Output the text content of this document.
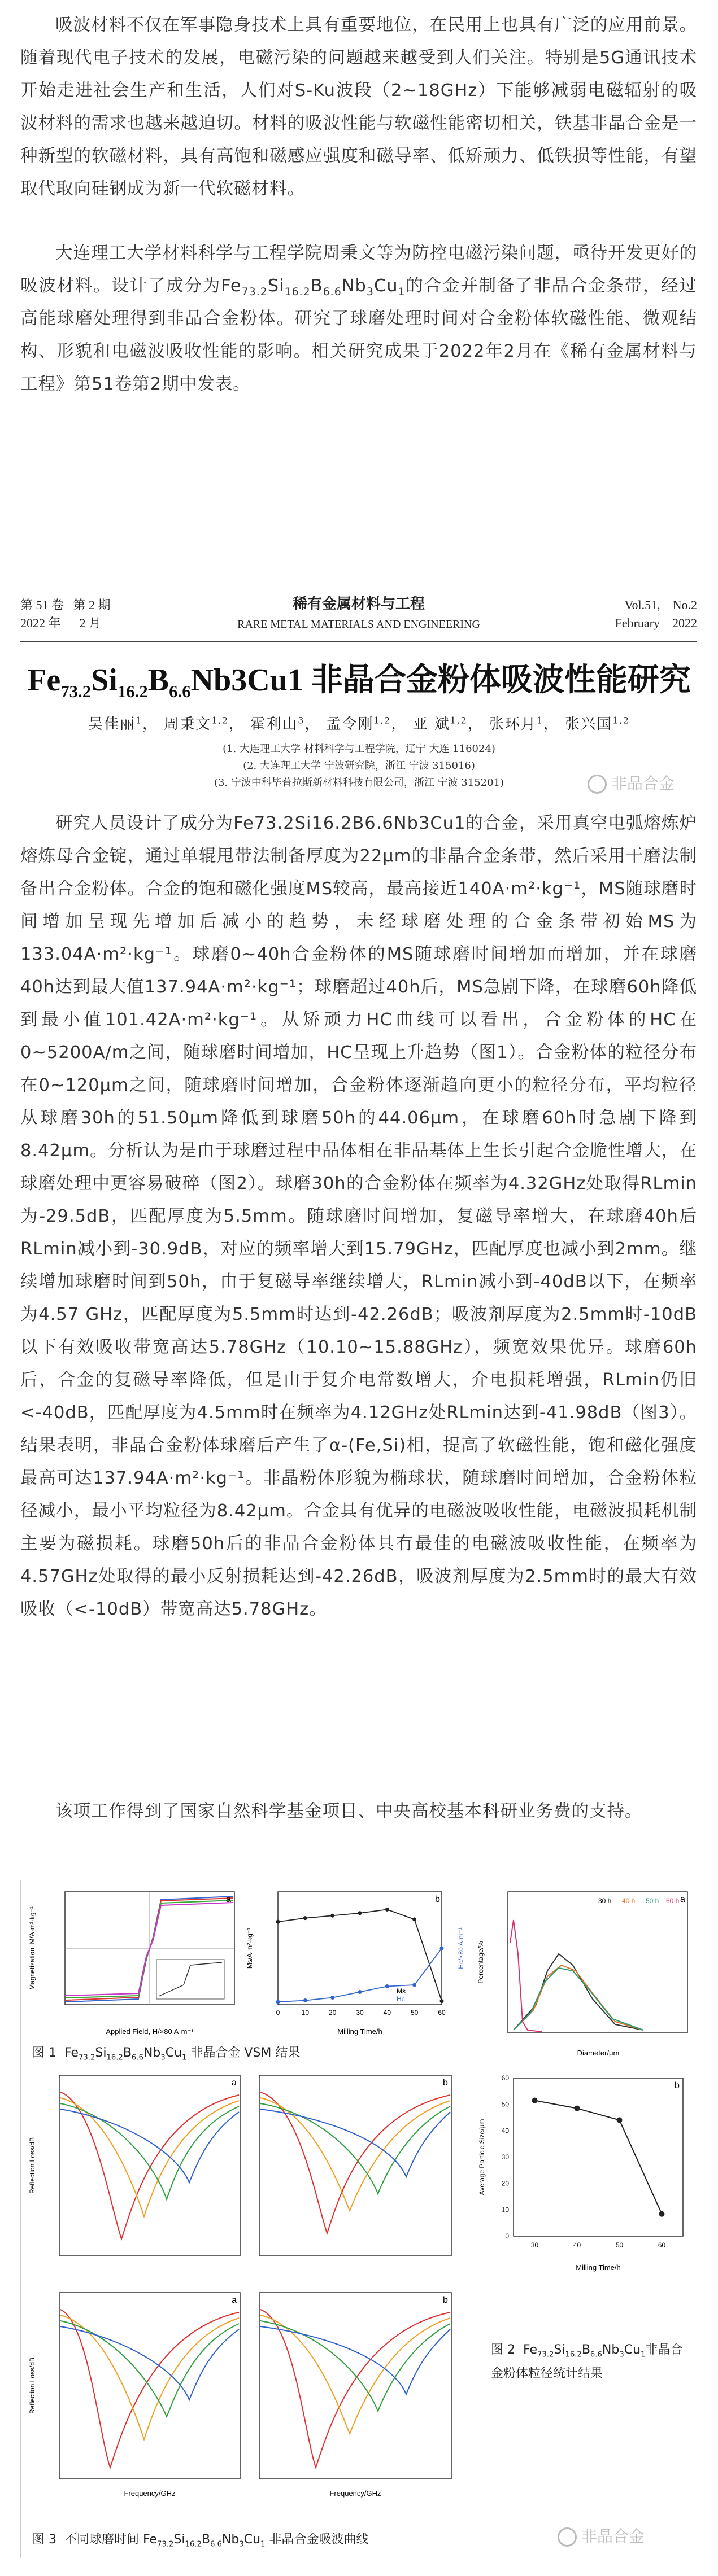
吸波材料不仅在军事隐身技术上具有重要地位，在民用上也具有广泛的应用前景。随着现代电子技术的发展，电磁污染的问题越来越受到人们关注。特别是5G通讯技术开始走进社会生产和生活，人们对S-Ku波段（2~18GHz）下能够减弱电磁辐射的吸波材料的需求也越来越迫切。材料的吸波性能与软磁性能密切相关，铁基非晶合金是一种新型的软磁材料，具有高饱和磁感应强度和磁导率、低矫顽力、低铁损等性能，有望取代取向硅钢成为新一代软磁材料。

大连理工大学材料科学与工程学院周秉文等为防控电磁污染问题，亟待开发更好的吸波材料。设计了成分为$Fe_{73.2}Si_{16.2}B_{6.6}Nb_3Cu_1$的合金并制备了非晶合金条带，经过高能球磨处理得到非晶合金粉体。研究了球磨处理时间对合金粉体软磁性能、微观结构、形貌和电磁波吸收性能的影响。相关研究成果于2022年2月在《稀有金属材料与工程》第51卷第2期中发表。

第 51 卷 第 2 期
2022 年 2 月
稀有金属材料与工程
RARE METAL MATERIALS AND ENGINEERING
Vol.51, No.2
February 2022
$Fe_{73.2}Si_{16.2}B_{6.6}Nb3Cu1$ 非晶合金粉体吸波性能研究
吴佳丽$^1$， 周秉文$^{1,2}$， 霍利山$^3$， 孟令刚$^{1,2}$， 亚 斌$^{1,2}$， 张环月$^1$， 张兴国$^{1,2}$
(1. 大连理工大学 材料科学与工程学院，辽宁 大连 116024)
(2. 大连理工大学 宁波研究院，浙江 宁波 315016)
(3. 宁波中科毕普拉斯新材料科技有限公司，浙江 宁波 315201)	非晶合金

研究人员设计了成分为Fe73.2Si16.2B6.6Nb3Cu1的合金，采用真空电弧熔炼炉熔炼母合金锭，通过单辊甩带法制备厚度为22μm的非晶合金条带，然后采用干磨法制备出合金粉体。合金的饱和磁化强度MS较高，最高接近140A·m²·kg⁻¹，MS随球磨时间增加呈现先增加后减小的趋势，未经球磨处理的合金条带初始MS为133.04A·m²·kg⁻¹。球磨0~40h合金粉体的MS随球磨时间增加而增加，并在球磨40h达到最大值137.94A·m²·kg⁻¹；球磨超过40h后，MS急剧下降，在球磨60h降低到最小值101.42A·m²·kg⁻¹。从矫顽力HC曲线可以看出，合金粉体的HC在0~5200A/m之间，随球磨时间增加，HC呈现上升趋势（图1）。合金粉体的粒径分布在0~120μm之间，随球磨时间增加，合金粉体逐渐趋向更小的粒径分布，平均粒径从球磨30h的51.50μm降低到球磨50h的44.06μm，在球磨60h时急剧下降到8.42μm。分析认为是由于球磨过程中晶体相在非晶基体上生长引起合金脆性增大，在球磨处理中更容易破碎（图2）。球磨30h的合金粉体在频率为4.32GHz处取得RLmin为-29.5dB，匹配厚度为5.5mm。随球磨时间增加，复磁导率增大，在球磨40h后RLmin减小到-30.9dB，对应的频率增大到15.79GHz，匹配厚度也减小到2mm。继续增加球磨时间到50h，由于复磁导率继续增大，RLmin减小到-40dB以下，在频率为4.57 GHz，匹配厚度为5.5mm时达到-42.26dB；吸波剂厚度为2.5mm时-10dB以下有效吸收带宽高达5.78GHz（10.10~15.88GHz），频宽效果优异。球磨60h后，合金的复磁导率降低，但是由于复介电常数增大，介电损耗增强，RLmin仍旧<-40dB，匹配厚度为4.5mm时在频率为4.12GHz处RLmin达到-41.98dB（图3）。结果表明，非晶合金粉体球磨后产生了α-(Fe,Si)相，提高了软磁性能，饱和磁化强度最高可达137.94A·m²·kg⁻¹。非晶粉体形貌为椭球状，随球磨时间增加，合金粉体粒径减小，最小平均粒径为8.42μm。合金具有优异的电磁波吸收性能，电磁波损耗机制主要为磁损耗。球磨50h后的非晶合金粉体具有最佳的电磁波吸收性能，在频率为4.57GHz处取得的最小反射损耗达到-42.26dB，吸波剂厚度为2.5mm时的最大有效吸收（<-10dB）带宽高达5.78GHz。

该项工作得到了国家自然科学基金项目、中央高校基本科研业务费的支持。

a
Applied Field, H/×80 A·m⁻¹
Magnetization, M/A·m²·kg⁻¹
0	10	20	30	40	50	60
b
Milling Time/h
Ms/A·m²·kg⁻¹	Hc/×80 A·m⁻¹
Ms
Hc
a
30 h 40 h 50 h 60 h
Diameter/μm
Percentage/%
图 1 $Fe_{73.2}Si_{16.2}B_{6.6}Nb_3Cu_1$ 非晶合金 VSM 结果
a
Reflection Loss/dB
b
a
Frequency/GHz
Reflection Loss/dB
b
Frequency/GHz
30	40	50	60
0
10
20
30
40
50
60
b
Milling Time/h
Average Particle Size/μm
图 2 $Fe_{73.2}Si_{16.2}B_{6.6}Nb_3Cu_1$非晶合金粉体粒径统计结果
图 3 不同球磨时间 $Fe_{73.2}Si_{16.2}B_{6.6}Nb_3Cu_1$ 非晶合金吸波曲线	非晶合金
